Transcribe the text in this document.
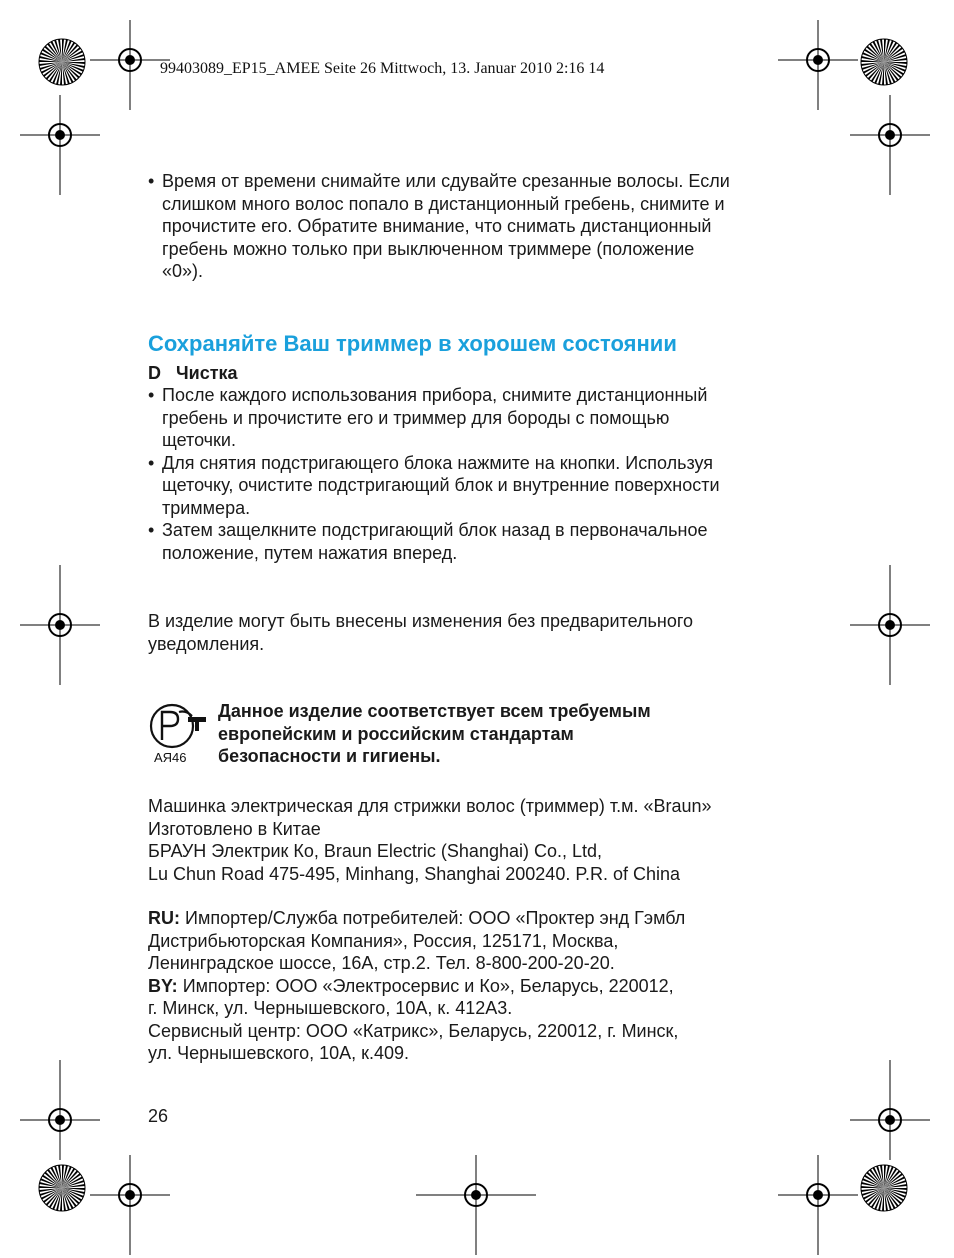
99403089_EP15_AMEE Seite 26 Mittwoch, 13. Januar 2010 2:16 14
• Время от времени снимайте или сдувайте срезанные волосы. Если
слишком много волос попало в дистанционный гребень, снимите и
прочистите его. Обратите внимание, что снимать дистанционный
гребень можно только при выключенном триммере (положение
«0»).
Сохраняйте Ваш триммер в хорошем состоянии
D Чистка
• После каждого использования прибора, снимите дистанционный
гребень и прочистите его и триммер для бороды с помощью
щеточки.
• Для снятия подстригающего блока нажмите на кнопки. Используя
щеточку, очистите подстригающий блок и внутренние поверхности
триммера.
• Затем защелкните подстригающий блок назад в первоначальное
положение, путем нажатия вперед.
В изделие могут быть внесены изменения без предварительного
уведомления.
АЯ46
Данное изделие соответствует всем требуемым
европейским и российским стандартам
безопасности и гигиены.
Машинка электрическая для стрижки волос (триммер) т.м. «Braun»
Изготовлено в Китае
БРАУН Электрик Ко, Braun Electric (Shanghai) Co., Ltd,
Lu Chun Road 475-495, Minhang, Shanghai 200240. P.R. of China
RU: Импортер/Служба потребителей: ООО «Проктер энд Гэмбл
Дистрибьюторская Компания», Россия, 125171, Москва,
Ленинградское шоссе, 16А, стр.2. Тел. 8-800-200-20-20.
BY: Импортер: ООО «Электросервис и Ко», Беларусь, 220012,
г. Минск, ул. Чернышевского, 10А, к. 412А3.
Сервисный центр: ООО «Катрикс», Беларусь, 220012, г. Минск,
ул. Чернышевского, 10А, к.409.
26
